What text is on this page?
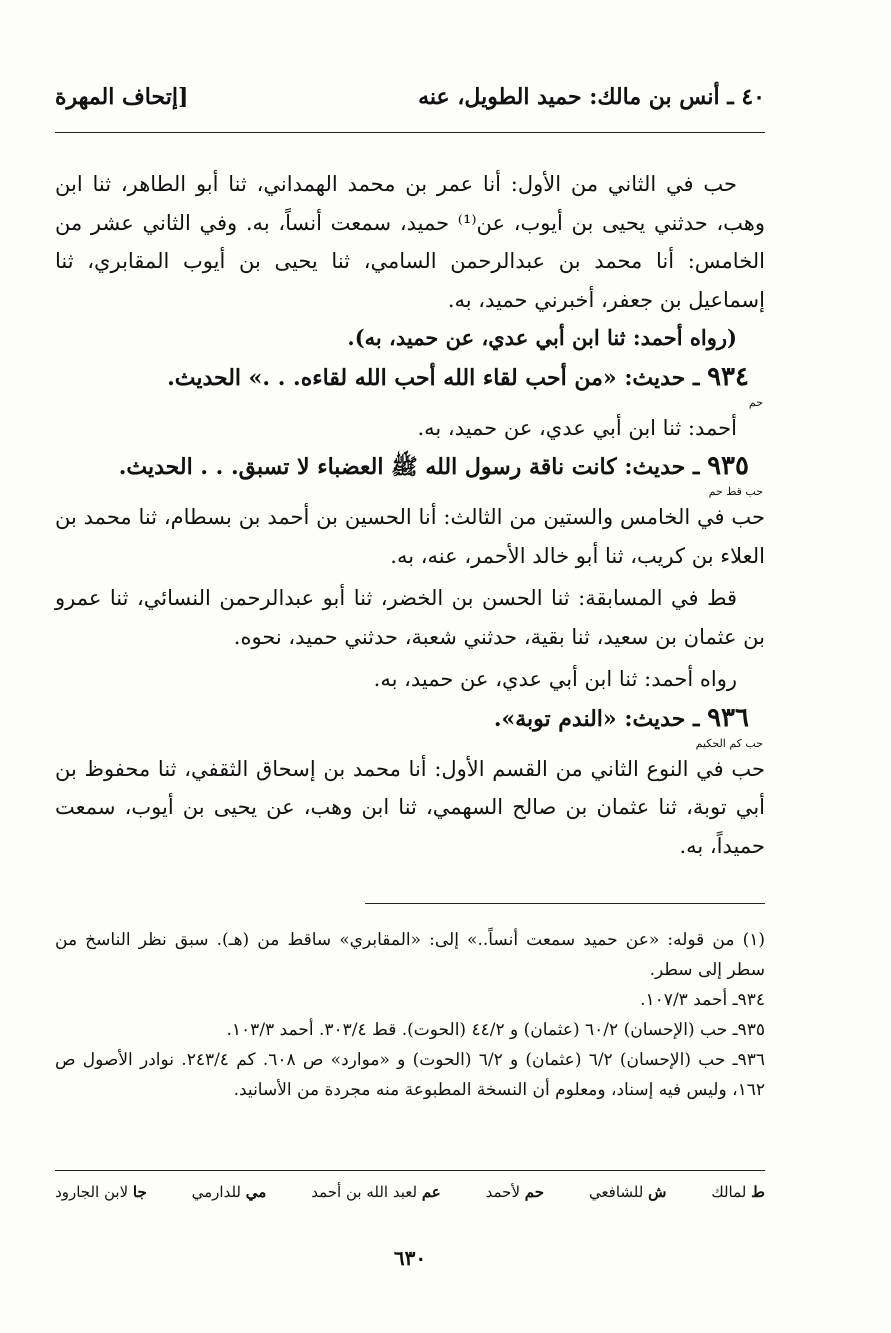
٤٠ ـ أنس بن مالك: حميد الطويل، عنه
[إتحاف المهرة

حب في الثاني من الأول: أنا عمر بن محمد الهمداني، ثنا أبو الطاهر، ثنا ابن وهب، حدثني يحيى بن أيوب، عن⁽¹⁾ حميد، سمعت أنساً، به. وفي الثاني عشر من الخامس: أنا محمد بن عبدالرحمن السامي، ثنا يحيى بن أيوب المقابري، ثنا إسماعيل بن جعفر، أخبرني حميد، به.

(رواه أحمد: ثنا ابن أبي عدي، عن حميد، به).

٩٣٤ ـ حديث: «من أحب لقاء الله أحب الله لقاءه. . .» الحديث.
حم

أحمد: ثنا ابن أبي عدي، عن حميد، به.

٩٣٥ ـ حديث: كانت ناقة رسول الله ﷺ العضباء لا تسبق. . . الحديث.
حب قط حم

حب في الخامس والستين من الثالث: أنا الحسين بن أحمد بن بسطام، ثنا محمد بن العلاء بن كريب، ثنا أبو خالد الأحمر، عنه، به.

قط في المسابقة: ثنا الحسن بن الخضر، ثنا أبو عبدالرحمن النسائي، ثنا عمرو بن عثمان بن سعيد، ثنا بقية، حدثني شعبة، حدثني حميد، نحوه.

رواه أحمد: ثنا ابن أبي عدي، عن حميد، به.

٩٣٦ ـ حديث: «الندم توبة».
حب كم الحكيم

حب في النوع الثاني من القسم الأول: أنا محمد بن إسحاق الثقفي، ثنا محفوظ بن أبي توبة، ثنا عثمان بن صالح السهمي، ثنا ابن وهب، عن يحيى بن أيوب، سمعت حميداً، به.

(١) من قوله: «عن حميد سمعت أنساً..» إلى: «المقابري» ساقط من (هـ). سبق نظر الناسخ من سطر إلى سطر.

٩٣٤ـ أحمد ١٠٧/٣.

٩٣٥ـ حب (الإحسان) ٦٠/٢ (عثمان) و ٤٤/٢ (الحوت). قط ٣٠٣/٤. أحمد ١٠٣/٣.

٩٣٦ـ حب (الإحسان) ٦/٢ (عثمان) و ٦/٢ (الحوت) و «موارد» ص ٦٠٨. كم ٢٤٣/٤. نوادر الأصول ص ١٦٢، وليس فيه إسناد، ومعلوم أن النسخة المطبوعة منه مجردة من الأسانيد.

ط لمالك
ش للشافعي
حم لأحمد
عم لعبد الله بن أحمد
مي للدارمي
جا لابن الجارود
٦٣٠
